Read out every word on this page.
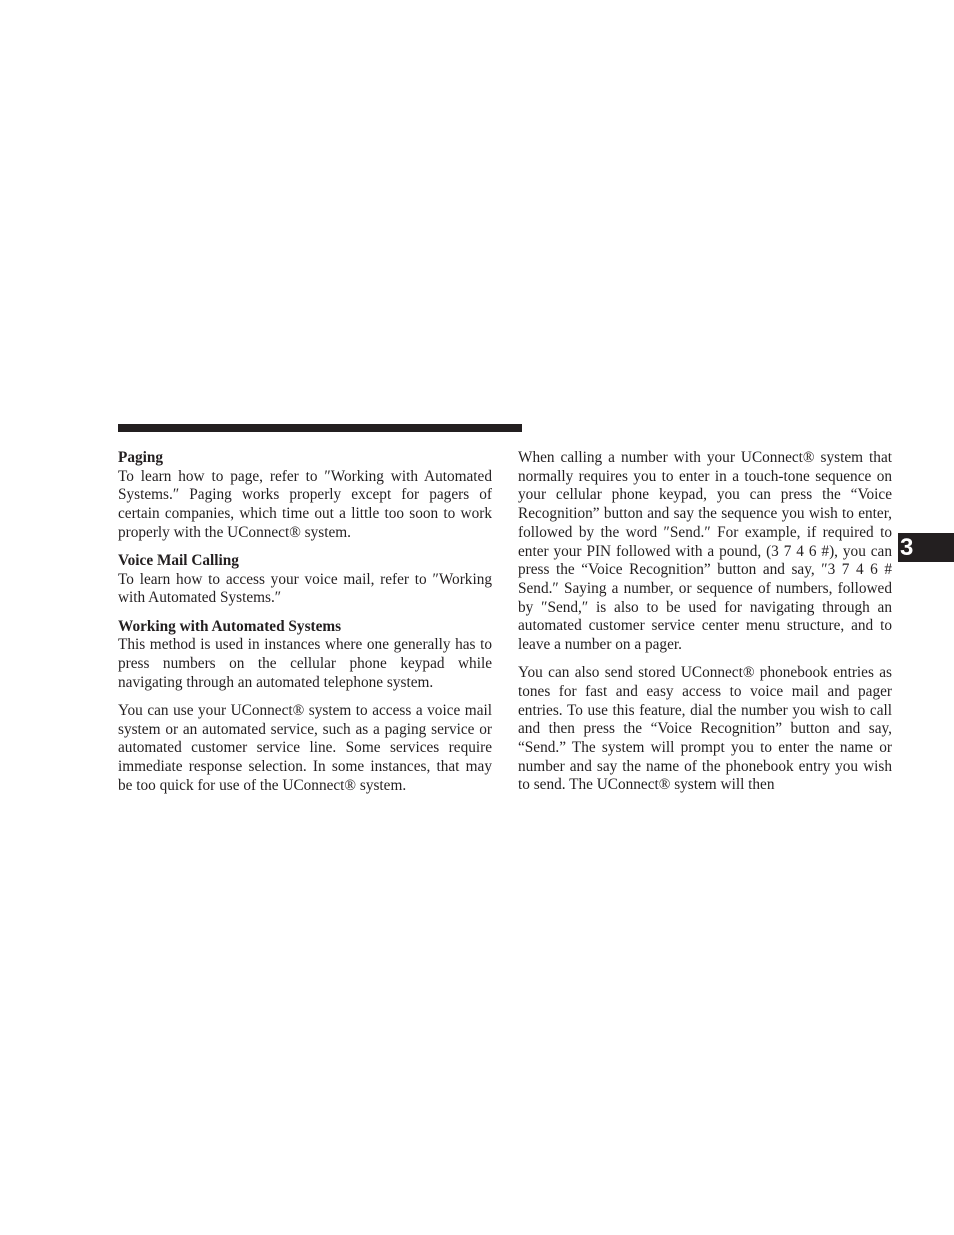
Paging

To learn how to page, refer to ″Working with Automated Systems.″ Paging works properly except for pagers of certain companies, which time out a little too soon to work properly with the UConnect® system.

Voice Mail Calling

To learn how to access your voice mail, refer to ″Working with Automated Systems.″

Working with Automated Systems

This method is used in instances where one generally has to press numbers on the cellular phone keypad while navigating through an automated telephone system.

You can use your UConnect® system to access a voice mail system or an automated service, such as a paging service or automated customer service line. Some services require immediate response selection. In some instances, that may be too quick for use of the UConnect® system.

When calling a number with your UConnect® system that normally requires you to enter in a touch-tone sequence on your cellular phone keypad, you can press the “Voice Recognition” button and say the sequence you wish to enter, followed by the word ″Send.″ For example, if required to enter your PIN followed with a pound, (3 7 4 6 #), you can press the “Voice Recognition” button and say, ″3 7 4 6 # Send.″ Saying a number, or sequence of numbers, followed by ″Send,″ is also to be used for navigating through an automated customer service center menu structure, and to leave a number on a pager.

You can also send stored UConnect® phonebook entries as tones for fast and easy access to voice mail and pager entries. To use this feature, dial the number you wish to call and then press the “Voice Recognition” button and say, “Send.” The system will prompt you to enter the name or number and say the name of the phonebook entry you wish to send. The UConnect® system will then

3
